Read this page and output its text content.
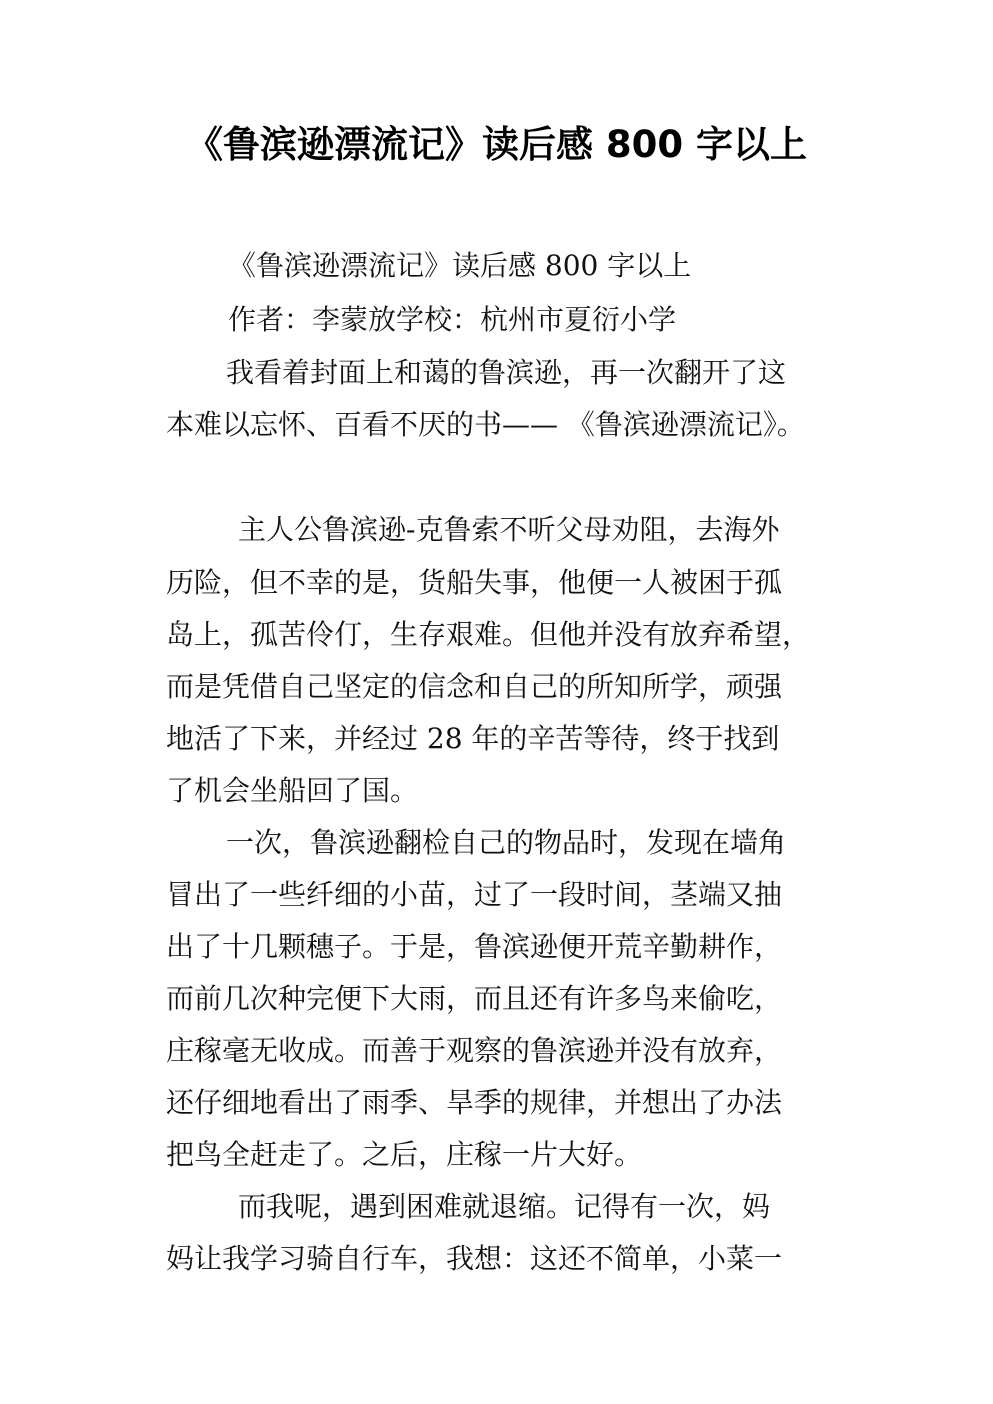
《鲁滨逊漂流记》读后感 800 字以上
《鲁滨逊漂流记》读后感 800 字以上
作者：李蒙放学校：杭州市夏衍小学
我看着封面上和蔼的鲁滨逊，再一次翻开了这
本难以忘怀、百看不厌的书—— 《鲁滨逊漂流记》。
主人公鲁滨逊-克鲁索不听父母劝阻，去海外
历险，但不幸的是，货船失事，他便一人被困于孤
岛上，孤苦伶仃，生存艰难。但他并没有放弃希望，
而是凭借自己坚定的信念和自己的所知所学，顽强
地活了下来，并经过 28 年的辛苦等待，终于找到
了机会坐船回了国。
一次，鲁滨逊翻检自己的物品时，发现在墙角
冒出了一些纤细的小苗，过了一段时间，茎端又抽
出了十几颗穗子。于是，鲁滨逊便开荒辛勤耕作，
而前几次种完便下大雨，而且还有许多鸟来偷吃，
庄稼毫无收成。而善于观察的鲁滨逊并没有放弃，
还仔细地看出了雨季、旱季的规律，并想出了办法
把鸟全赶走了。之后，庄稼一片大好。
而我呢，遇到困难就退缩。记得有一次，妈
妈让我学习骑自行车，我想：这还不简单，小菜一
